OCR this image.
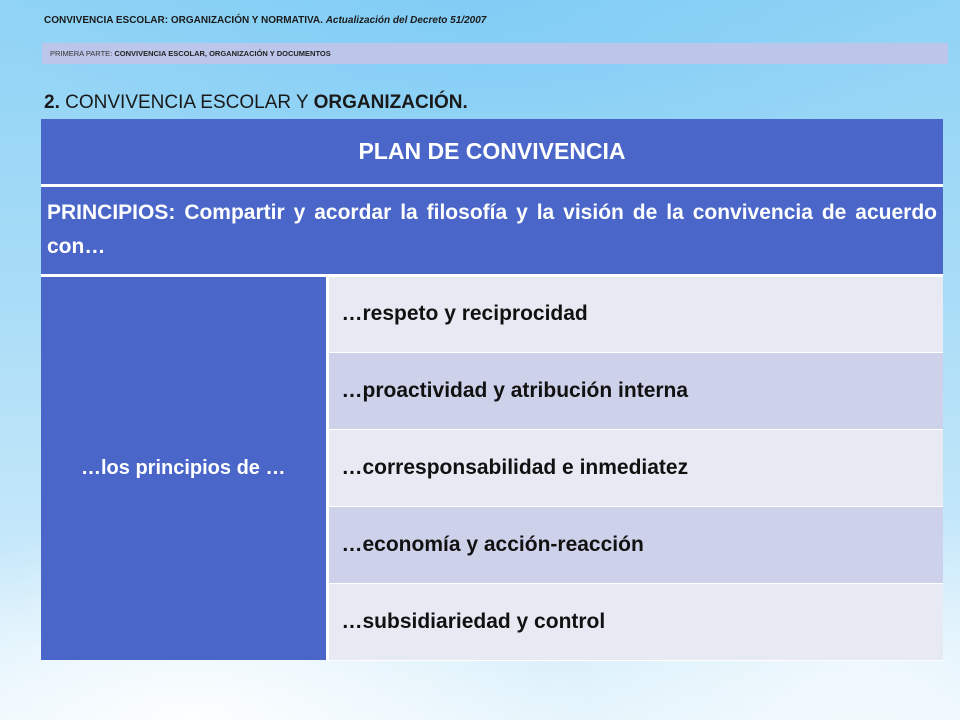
CONVIVENCIA ESCOLAR: ORGANIZACIÓN Y NORMATIVA. Actualización del Decreto 51/2007
PRIMERA PARTE: CONVIVENCIA ESCOLAR, ORGANIZACIÓN Y DOCUMENTOS
2. CONVIVENCIA ESCOLAR Y ORGANIZACIÓN.
PLAN DE CONVIVENCIA
PRINCIPIOS: Compartir y acordar la filosofía y la visión de la convivencia de acuerdo con…
…los principios de …	…respeto y reciprocidad
…proactividad y atribución interna
…corresponsabilidad e inmediatez
…economía y acción-reacción
…subsidiariedad y control
